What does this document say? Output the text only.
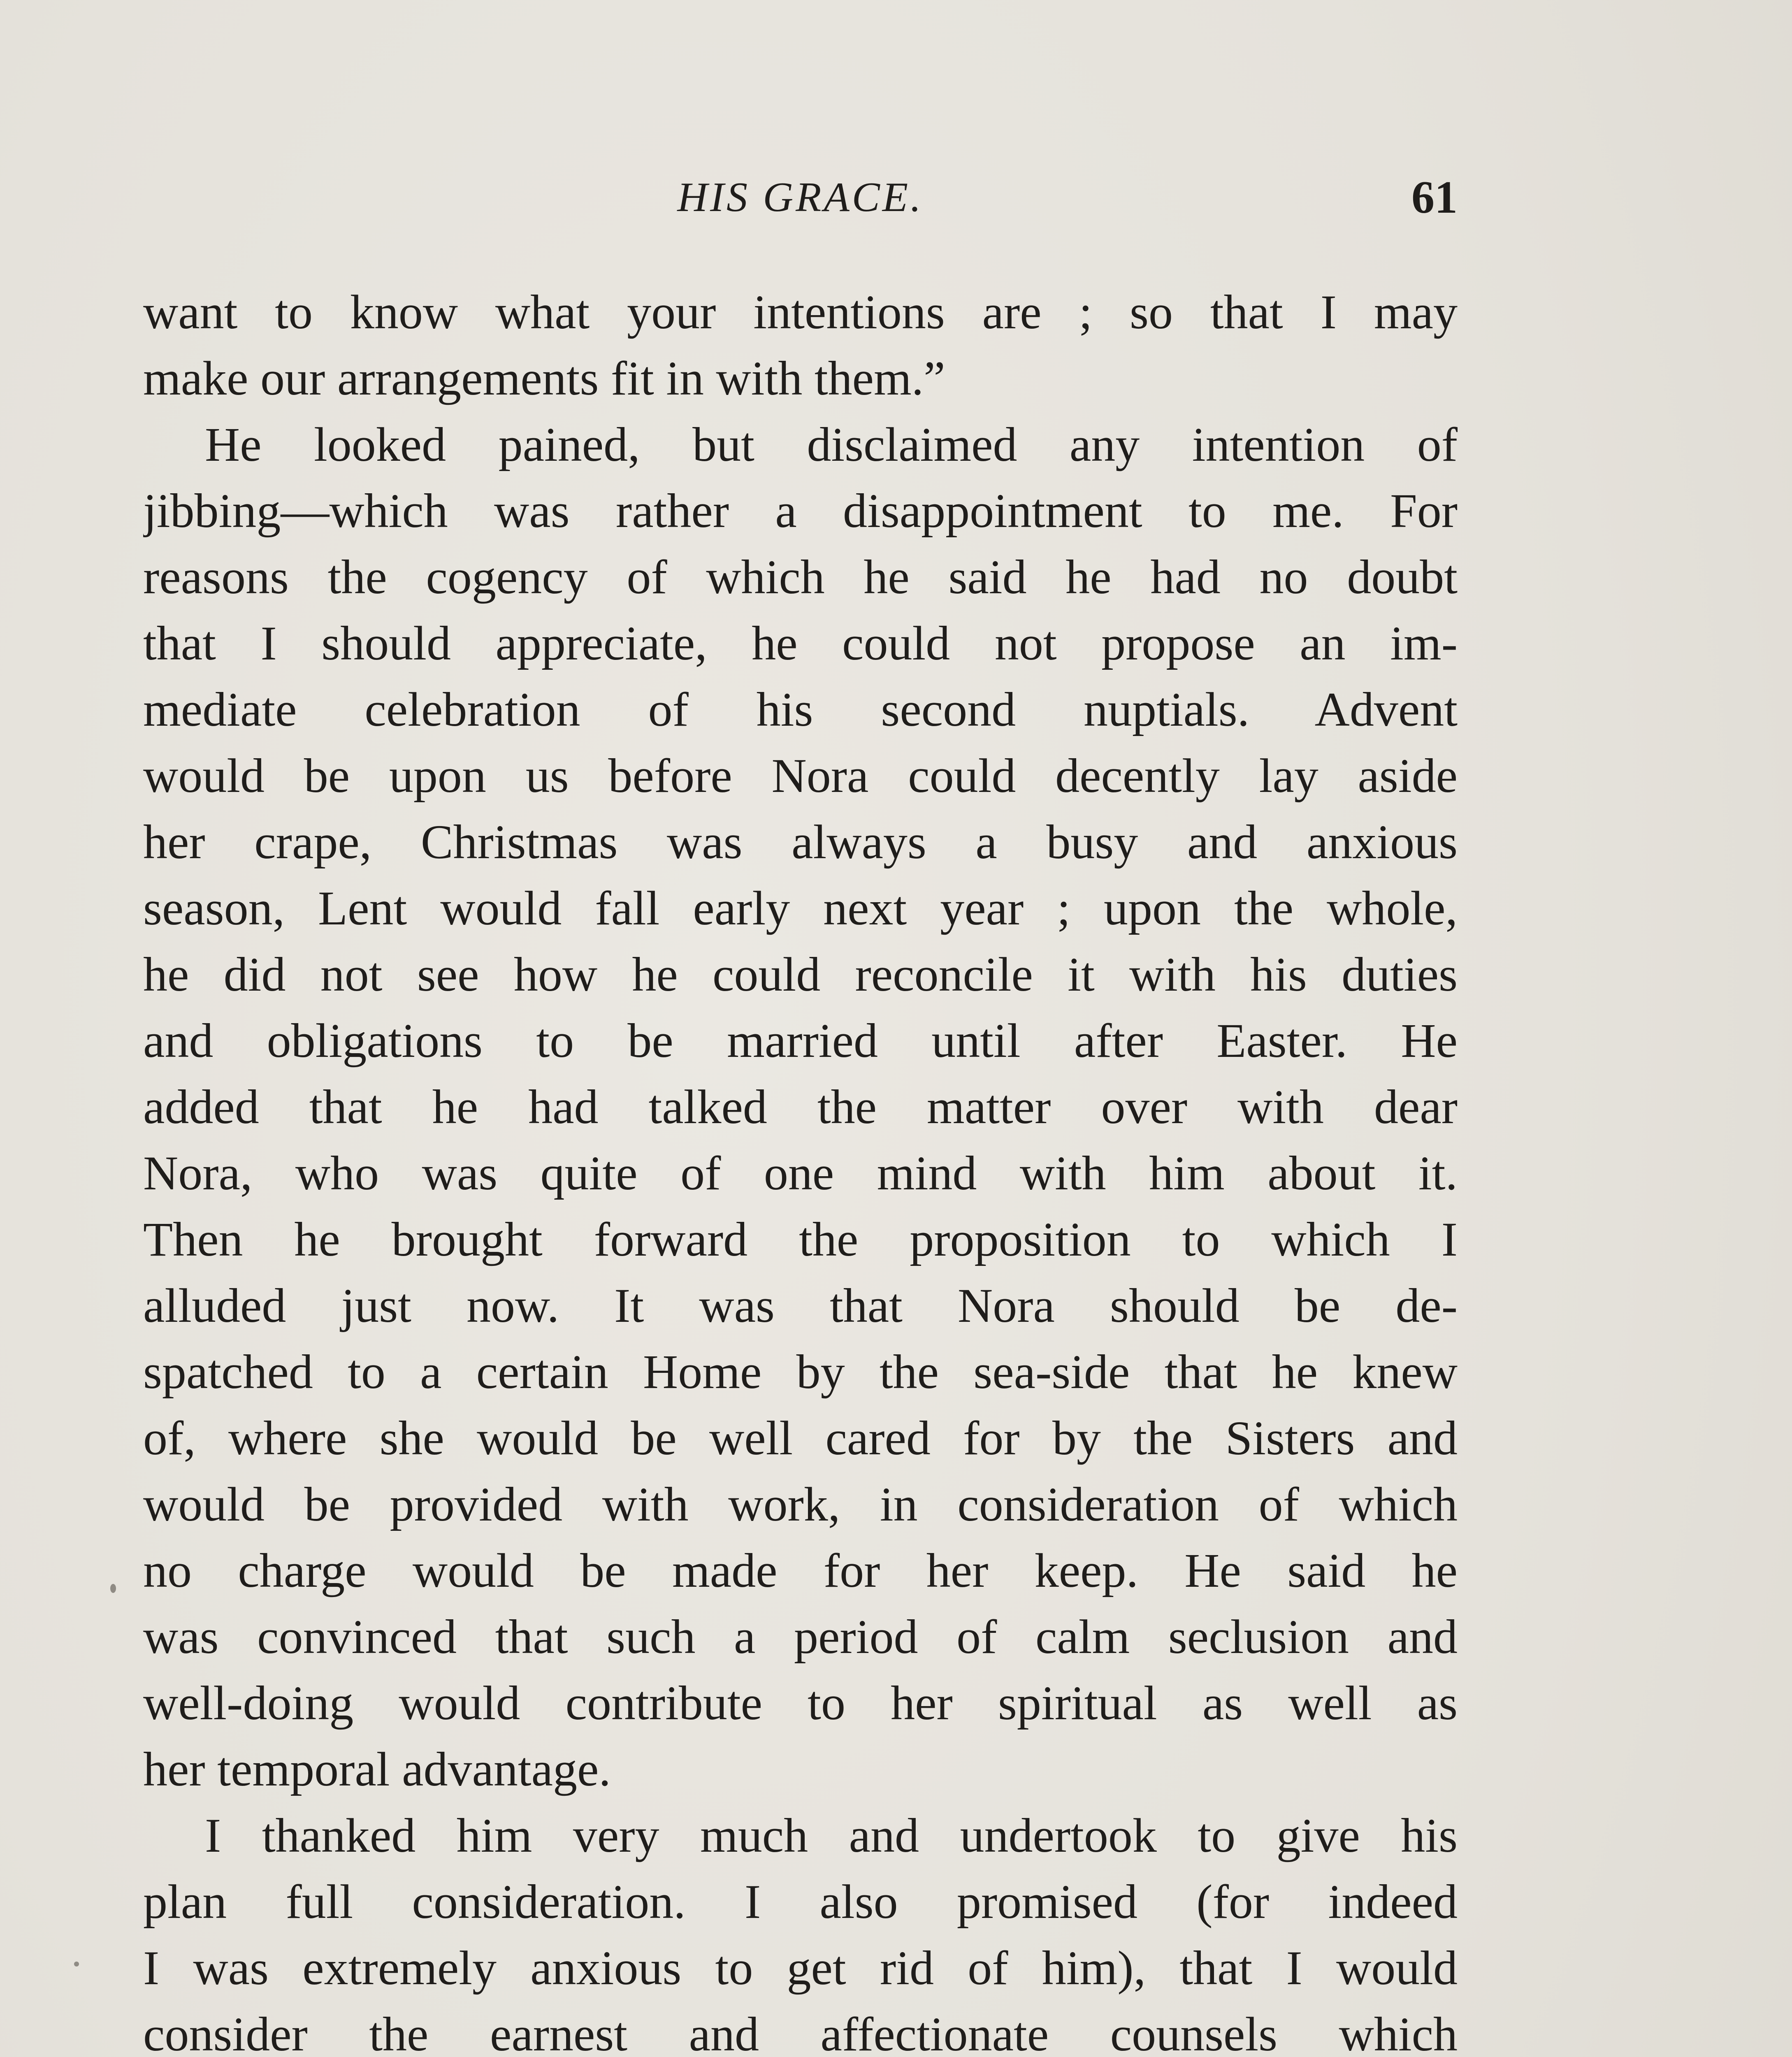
HIS GRACE.	61
want to know what your intentions are ; so that I may
make our arrangements fit in with them.”
He looked pained, but disclaimed any intention of
jibbing—which was rather a disappointment to me. For
reasons the cogency of which he said he had no doubt
that I should appreciate, he could not propose an im-
mediate celebration of his second nuptials. Advent
would be upon us before Nora could decently lay aside
her crape, Christmas was always a busy and anxious
season, Lent would fall early next year ; upon the whole,
he did not see how he could reconcile it with his duties
and obligations to be married until after Easter. He
added that he had talked the matter over with dear
Nora, who was quite of one mind with him about it.
Then he brought forward the proposition to which I
alluded just now. It was that Nora should be de-
spatched to a certain Home by the sea-side that he knew
of, where she would be well cared for by the Sisters and
would be provided with work, in consideration of which
no charge would be made for her keep. He said he
was convinced that such a period of calm seclusion and
well-doing would contribute to her spiritual as well as
her temporal advantage.
I thanked him very much and undertook to give his
plan full consideration. I also promised (for indeed
I was extremely anxious to get rid of him), that I would
consider the earnest and affectionate counsels which
